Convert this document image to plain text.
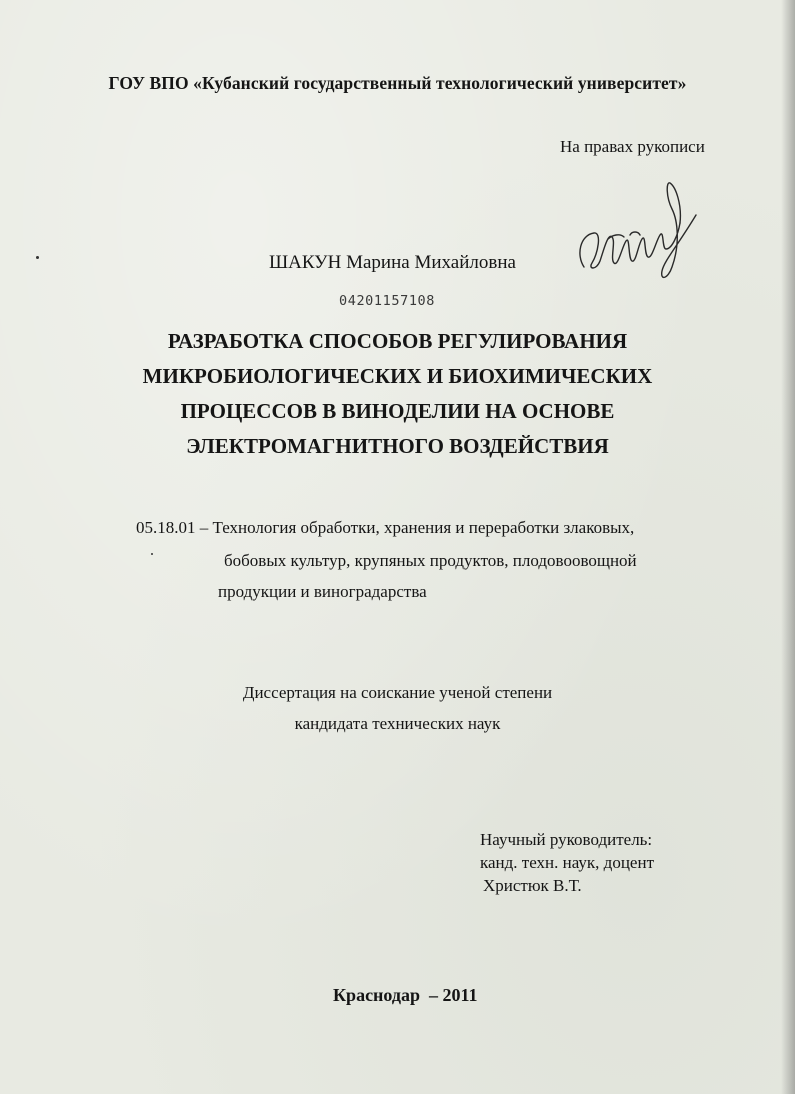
ГОУ ВПО «Кубанский государственный технологический университет»
На правах рукописи
ШАКУН Марина Михайловна
04201157108
РАЗРАБОТКА СПОСОБОВ РЕГУЛИРОВАНИЯ
МИКРОБИОЛОГИЧЕСКИХ И БИОХИМИЧЕСКИХ
ПРОЦЕССОВ В ВИНОДЕЛИИ НА ОСНОВЕ
ЭЛЕКТРОМАГНИТНОГО ВОЗДЕЙСТВИЯ
05.18.01 – Технология обработки, хранения и переработки злаковых,
бобовых культур, крупяных продуктов, плодовоовощной
продукции и виноградарства
Диссертация на соискание ученой степени
кандидата технических наук
Научный руководитель:
канд. техн. наук, доцент
Христюк В.Т.
Краснодар  – 2011
